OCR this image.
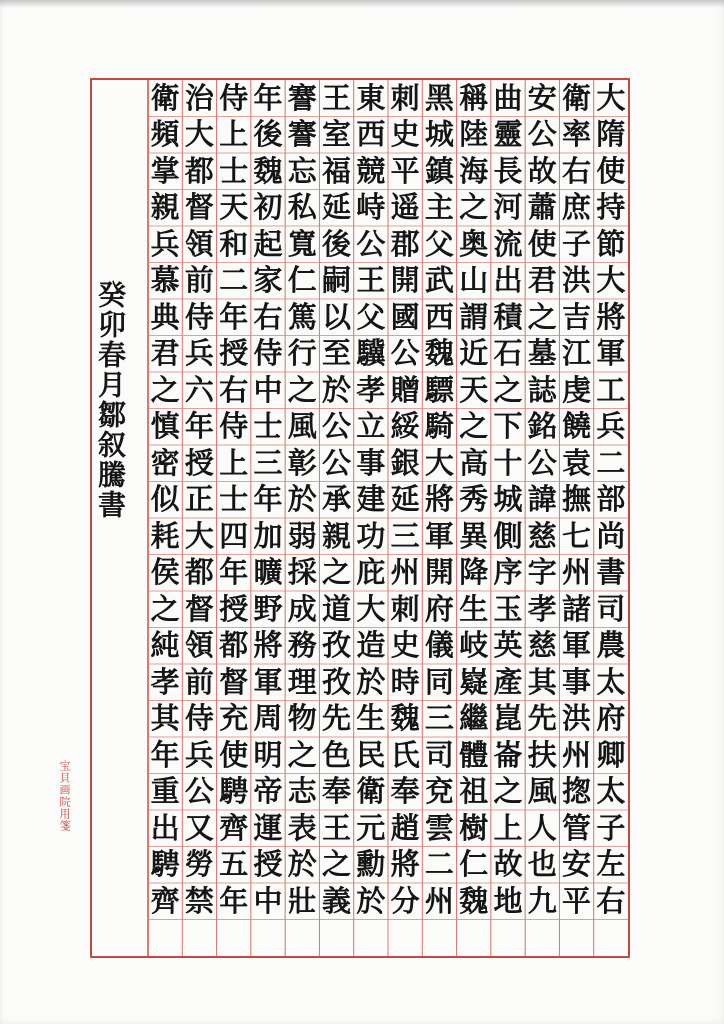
大
隋
使
持
節
大
將
軍
工
兵
二
部
尚
書
司
農
太
府
卿
太
子
左
右
衛
率
右
庶
子
洪
吉
江
虔
饒
袁
撫
七
州
諸
軍
事
洪
州
揔
管
安
平
安
公
故
蕭
使
君
之
墓
誌
銘
公
諱
慈
字
孝
慈
其
先
扶
風
人
也
九
曲
靈
長
河
流
出
積
石
之
下
十
城
側
序
玉
英
產
崑
崙
之
上
故
地
稱
陸
海
之
奥
山
謂
近
天
之
高
秀
異
降
生
岐
嶷
繼
體
祖
樹
仁
魏
黑
城
鎮
主
父
武
西
魏
驃
騎
大
將
軍
開
府
儀
同
三
司
兗
雲
二
州
刺
史
平
遥
郡
開
國
公
贈
綏
銀
延
三
州
刺
史
時
魏
氏
奉
趙
將
分
東
西
競
峙
公
王
父
驥
孝
立
事
建
功
庇
大
造
於
生
民
衛
元
勳
於
王
室
福
延
後
嗣
以
至
於
公
公
承
親
之
道
孜
孜
先
色
奉
王
之
義
謇
謇
忘
私
寬
仁
篤
行
之
風
彰
於
弱
採
成
務
理
物
之
志
表
於
壯
年
後
魏
初
起
家
右
侍
中
士
三
年
加
曠
野
將
軍
周
明
帝
運
授
中
侍
上
士
天
和
二
年
授
右
侍
上
士
四
年
授
都
督
充
使
騁
齊
五
年
治
大
都
督
領
前
侍
兵
六
年
授
正
大
都
督
領
前
侍
兵
公
又
勞
禁
衛
頻
掌
親
兵
慕
典
君
之
慎
密
似
耗
侯
之
純
孝
其
年
重
出
騁
齊
癸卯春月鄒叙騰書
宝貝画院用箋
